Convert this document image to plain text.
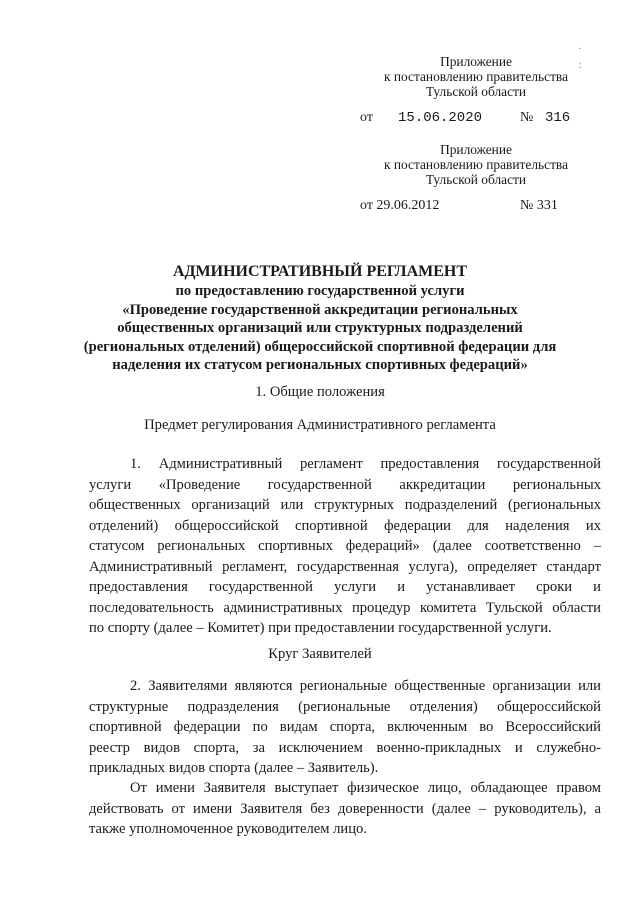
Приложение
к постановлению правительства
Тульской области
·
:
от 15.06.2020	№ 316
Приложение
к постановлению правительства
Тульской области
от 29.06.2012	№ 331
АДМИНИСТРАТИВНЫЙ РЕГЛАМЕНТ
по предоставлению государственной услуги
«Проведение государственной аккредитации региональных
общественных организаций или структурных подразделений
(региональных отделений) общероссийской спортивной федерации для
наделения их статусом региональных спортивных федераций»
1. Общие положения
Предмет регулирования Административного регламента
1. Административный регламент предоставления государственной
услуги «Проведение государственной аккредитации региональных
общественных организаций или структурных подразделений (региональных
отделений) общероссийской спортивной федерации для наделения их
статусом региональных спортивных федераций» (далее соответственно –
Административный регламент, государственная услуга), определяет стандарт
предоставления государственной услуги и устанавливает сроки и
последовательность административных процедур комитета Тульской области
по спорту (далее – Комитет) при предоставлении государственной услуги.
Круг Заявителей
2. Заявителями являются региональные общественные организации или
структурные подразделения (региональные отделения) общероссийской
спортивной федерации по видам спорта, включенным во Всероссийский
реестр видов спорта, за исключением военно-прикладных и служебно-
прикладных видов спорта (далее – Заявитель).
От имени Заявителя выступает физическое лицо, обладающее правом
действовать от имени Заявителя без доверенности (далее – руководитель), а
также уполномоченное руководителем лицо.
